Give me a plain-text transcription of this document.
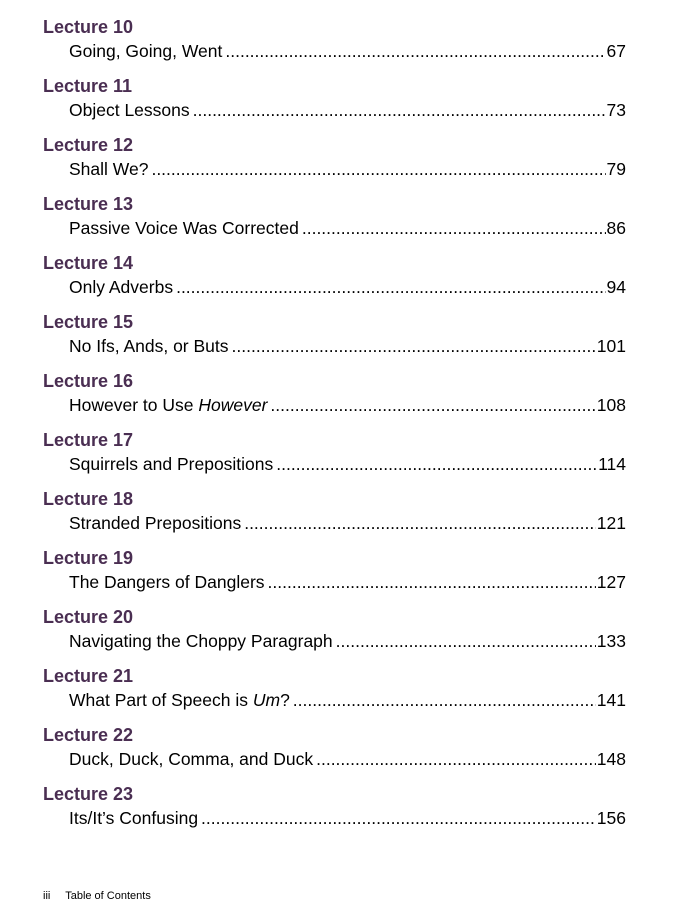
Lecture 10
Going, Going, Went .....	67
Lecture 11
Object Lessons .....	73
Lecture 12
Shall We? .....	79
Lecture 13
Passive Voice Was Corrected .....	86
Lecture 14
Only Adverbs .....	94
Lecture 15
No Ifs, Ands, or Buts .....	101
Lecture 16
However to Use However .....	108
Lecture 17
Squirrels and Prepositions .....	114
Lecture 18
Stranded Prepositions .....	121
Lecture 19
The Dangers of Danglers .....	127
Lecture 20
Navigating the Choppy Paragraph .....	133
Lecture 21
What Part of Speech is Um? .....	141
Lecture 22
Duck, Duck, Comma, and Duck .....	148
Lecture 23
Its/It’s Confusing .....	156
iii Table of Contents
